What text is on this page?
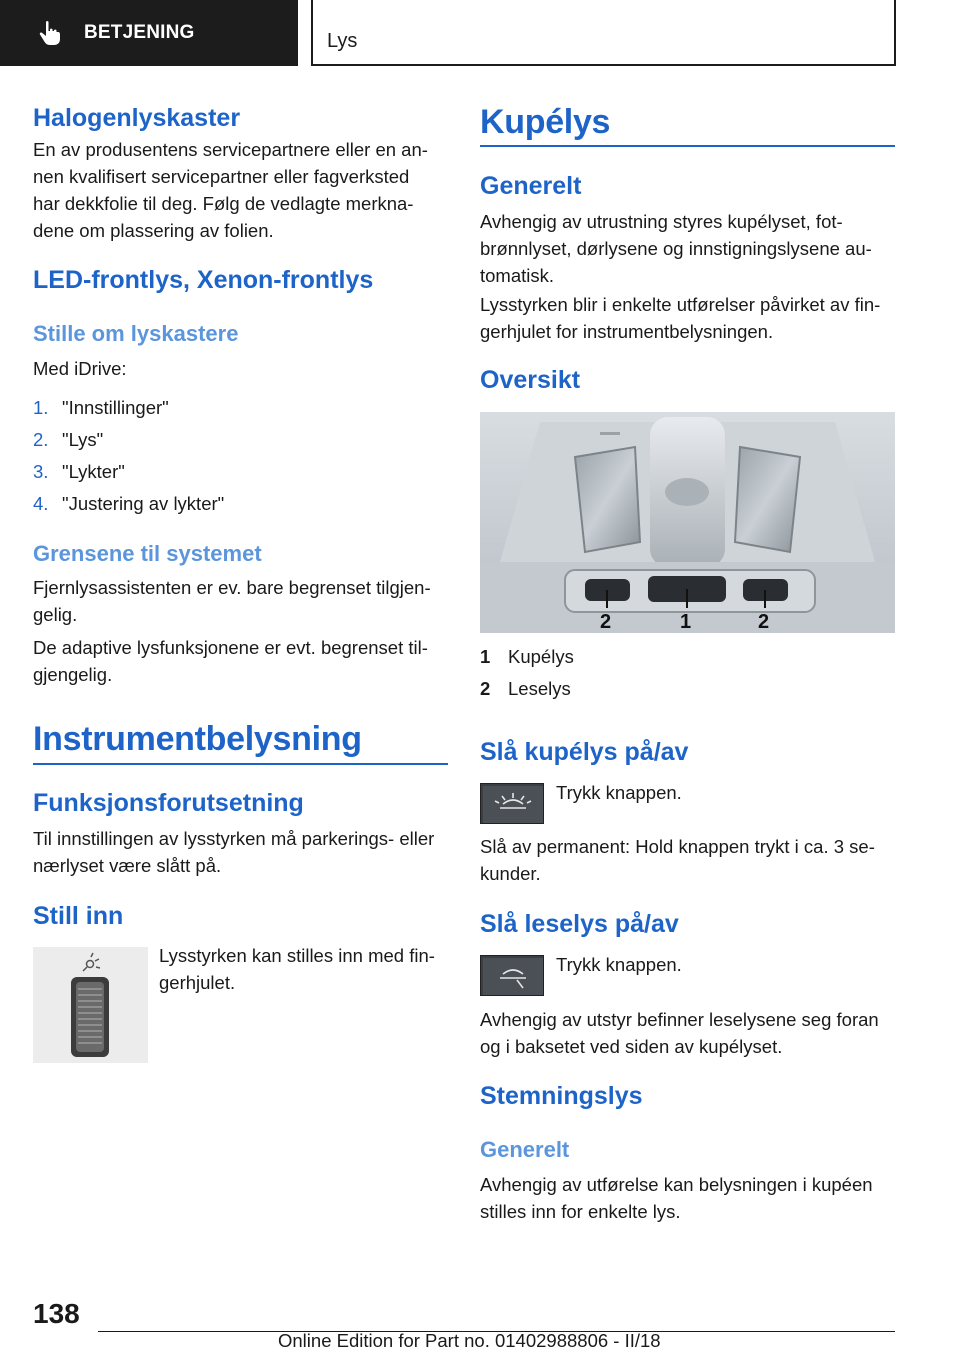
BETJENING	Lys
Halogenlyskaster
En av produsentens servicepartnere eller en an-
nen kvalifisert servicepartner eller fagverksted
har dekkfolie til deg. Følg de vedlagte merkna-
dene om plassering av folien.
LED-frontlys, Xenon-frontlys
Stille om lyskastere
Med iDrive:
1. "Innstillinger"
2. "Lys"
3. "Lykter"
4. "Justering av lykter"
Grensene til systemet
Fjernlysassistenten er ev. bare begrenset tilgjen-
gelig.
De adaptive lysfunksjonene er evt. begrenset til-
gjengelig.
Instrumentbelysning
Funksjonsforutsetning
Til innstillingen av lysstyrken må parkerings- eller
nærlyset være slått på.
Still inn
Lysstyrken kan stilles inn med fin-
gerhjulet.
Kupélys
Generelt
Avhengig av utrustning styres kupélyset, fot-
brønnlyset, dørlysene og innstigningslysene au-
tomatisk.
Lysstyrken blir i enkelte utførelser påvirket av fin-
gerhjulet for instrumentbelysningen.
Oversikt
2	1	2
1 Kupélys
2 Leselys
Slå kupélys på/av
Trykk knappen.
Slå av permanent: Hold knappen trykt i ca. 3 se-
kunder.
Slå leselys på/av
Trykk knappen.
Avhengig av utstyr befinner leselysene seg foran
og i baksetet ved siden av kupélyset.
Stemningslys
Generelt
Avhengig av utførelse kan belysningen i kupéen
stilles inn for enkelte lys.
138
Online Edition for Part no. 01402988806 - II/18
